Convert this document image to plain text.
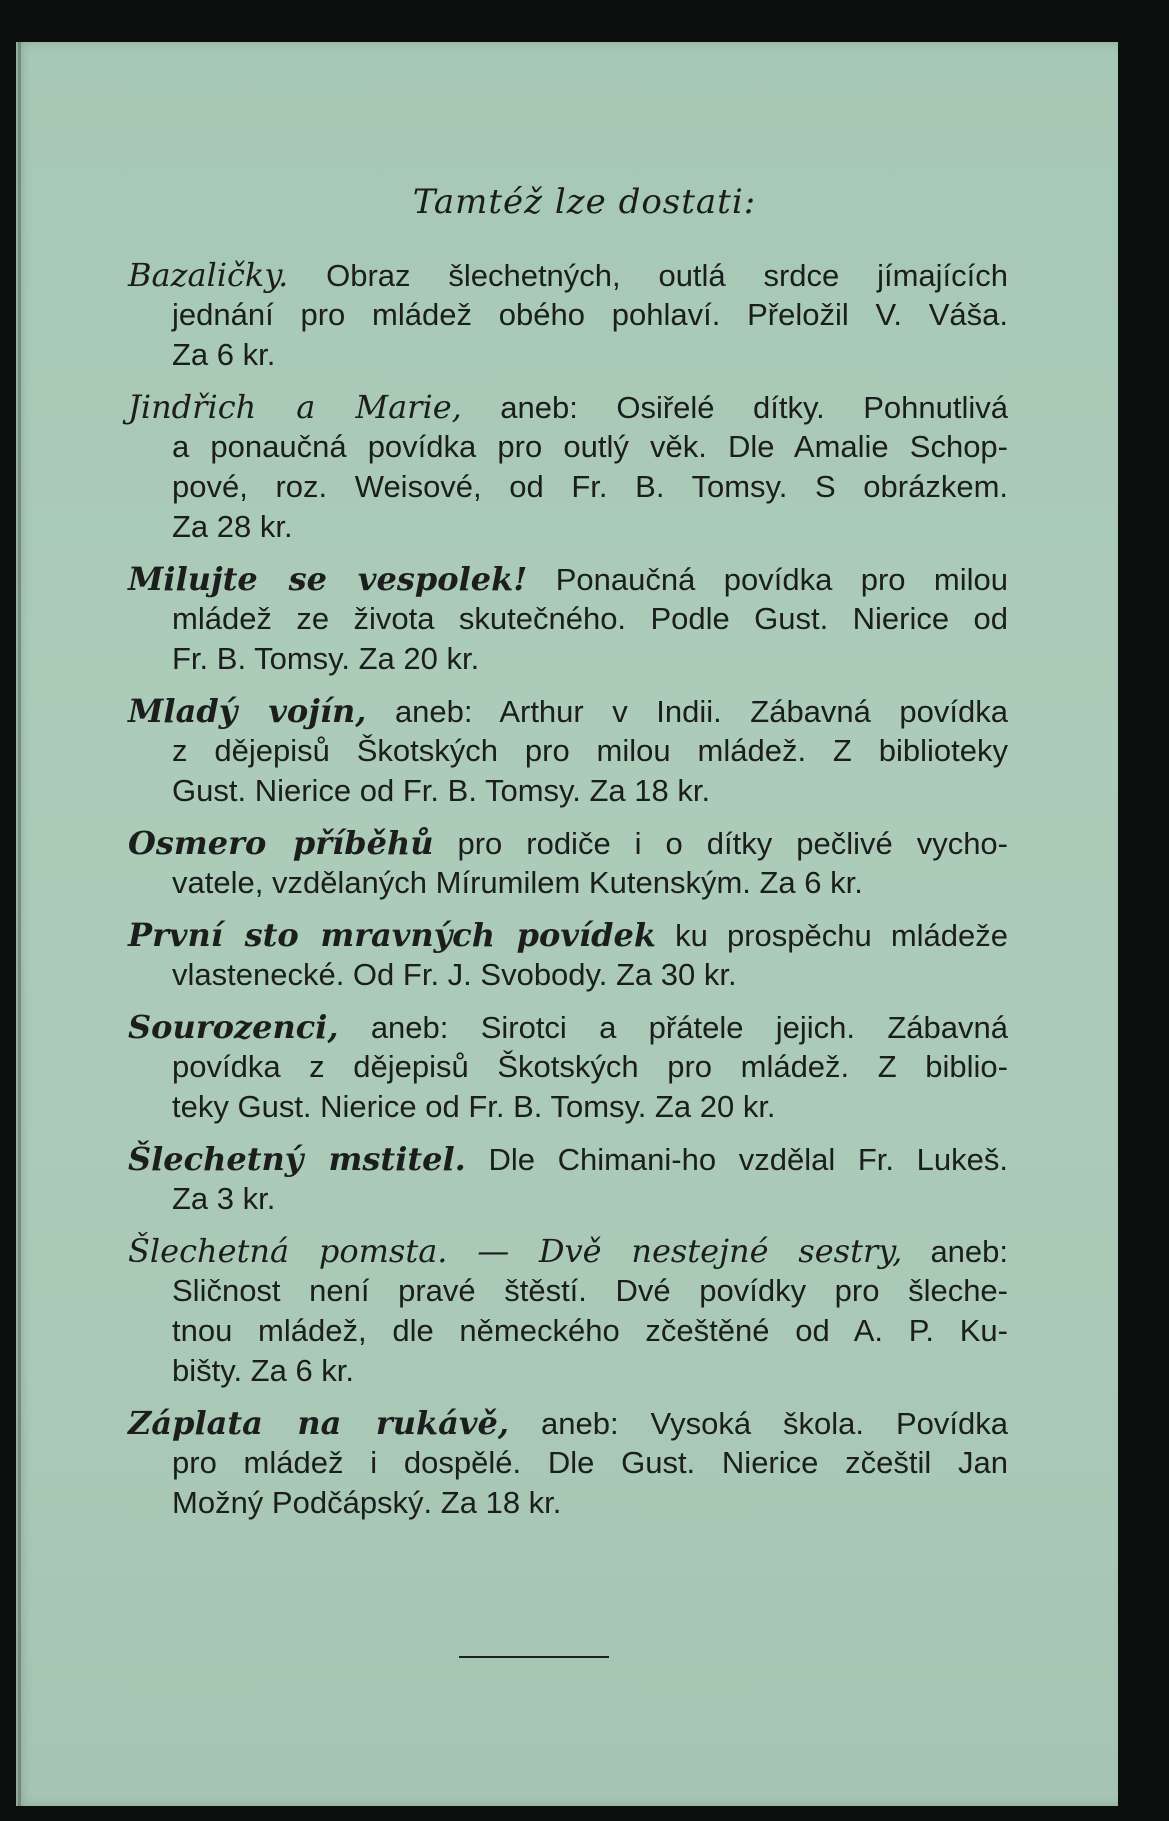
Tamtéž lze dostati:
Bazaličky. Obraz šlechetných, outlá srdce jímajících
jednání pro mládež obého pohlaví. Přeložil V. Váša.
Za 6 kr.
Jindřich a Marie, aneb: Osiřelé dítky. Pohnutlivá
a ponaučná povídka pro outlý věk. Dle Amalie Schop-
pové, roz. Weisové, od Fr. B. Tomsy. S obrázkem.
Za 28 kr.
Milujte se vespolek! Ponaučná povídka pro milou
mládež ze života skutečného. Podle Gust. Nierice od
Fr. B. Tomsy. Za 20 kr.
Mladý vojín, aneb: Arthur v Indii. Zábavná povídka
z dějepisů Škotských pro milou mládež. Z biblioteky
Gust. Nierice od Fr. B. Tomsy. Za 18 kr.
Osmero příběhů pro rodiče i o dítky pečlivé vycho-
vatele, vzdělaných Mírumilem Kutenským. Za 6 kr.
První sto mravných povídek ku prospěchu mládeže
vlastenecké. Od Fr. J. Svobody. Za 30 kr.
Sourozenci, aneb: Sirotci a přátele jejich. Zábavná
povídka z dějepisů Škotských pro mládež. Z biblio-
teky Gust. Nierice od Fr. B. Tomsy. Za 20 kr.
Šlechetný mstitel. Dle Chimani-ho vzdělal Fr. Lukeš.
Za 3 kr.
Šlechetná pomsta. — Dvě nestejné sestry, aneb:
Sličnost není pravé štěstí. Dvé povídky pro šleche-
tnou mládež, dle německého zčeštěné od A. P. Ku-
bišty. Za 6 kr.
Záplata na rukávě, aneb: Vysoká škola. Povídka
pro mládež i dospělé. Dle Gust. Nierice zčeštil Jan
Možný Podčápský. Za 18 kr.
